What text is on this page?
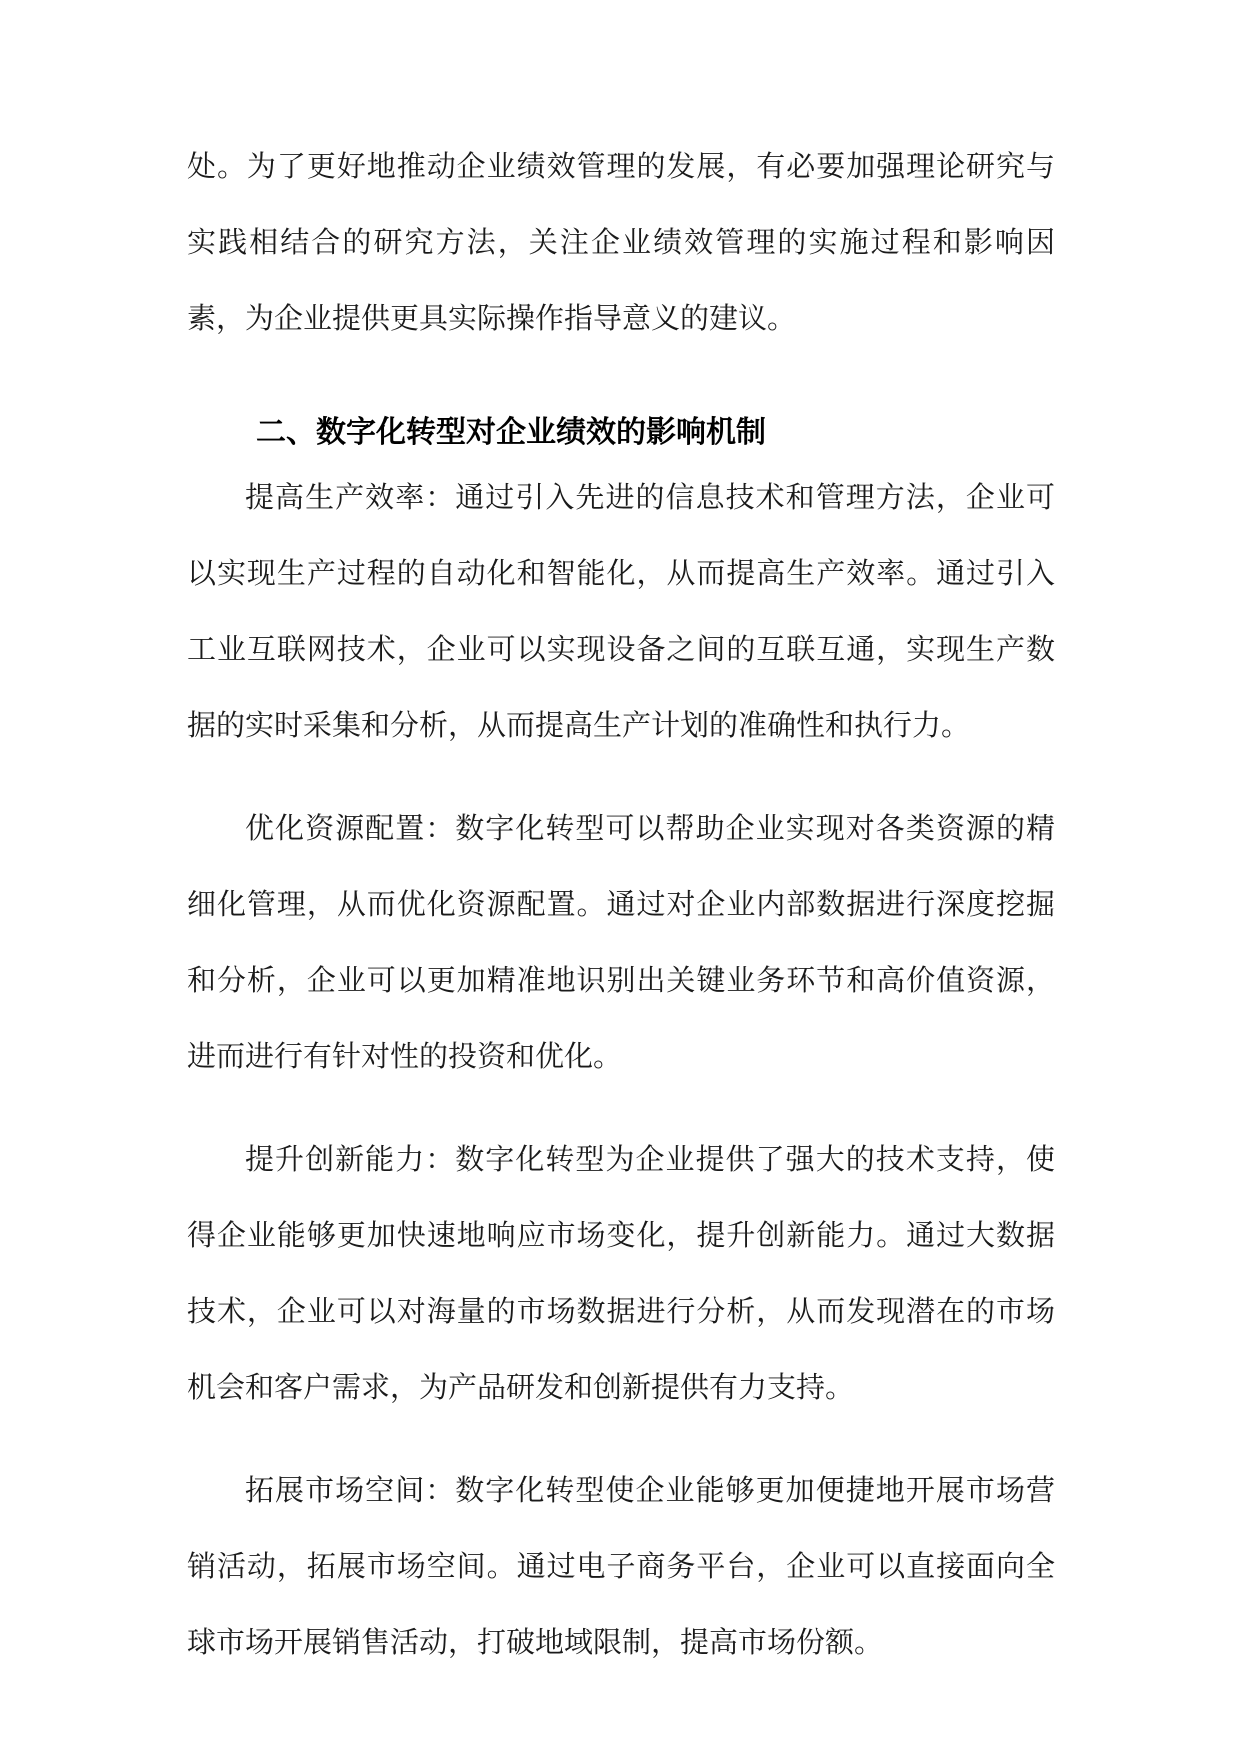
处。为了更好地推动企业绩效管理的发展，有必要加强理论研究与实践相结合的研究方法，关注企业绩效管理的实施过程和影响因素，为企业提供更具实际操作指导意义的建议。

二、数字化转型对企业绩效的影响机制

提高生产效率：通过引入先进的信息技术和管理方法，企业可以实现生产过程的自动化和智能化，从而提高生产效率。通过引入工业互联网技术，企业可以实现设备之间的互联互通，实现生产数据的实时采集和分析，从而提高生产计划的准确性和执行力。

优化资源配置：数字化转型可以帮助企业实现对各类资源的精细化管理，从而优化资源配置。通过对企业内部数据进行深度挖掘和分析，企业可以更加精准地识别出关键业务环节和高价值资源，进而进行有针对性的投资和优化。

提升创新能力：数字化转型为企业提供了强大的技术支持，使得企业能够更加快速地响应市场变化，提升创新能力。通过大数据技术，企业可以对海量的市场数据进行分析，从而发现潜在的市场机会和客户需求，为产品研发和创新提供有力支持。

拓展市场空间：数字化转型使企业能够更加便捷地开展市场营销活动，拓展市场空间。通过电子商务平台，企业可以直接面向全球市场开展销售活动，打破地域限制，提高市场份额。
